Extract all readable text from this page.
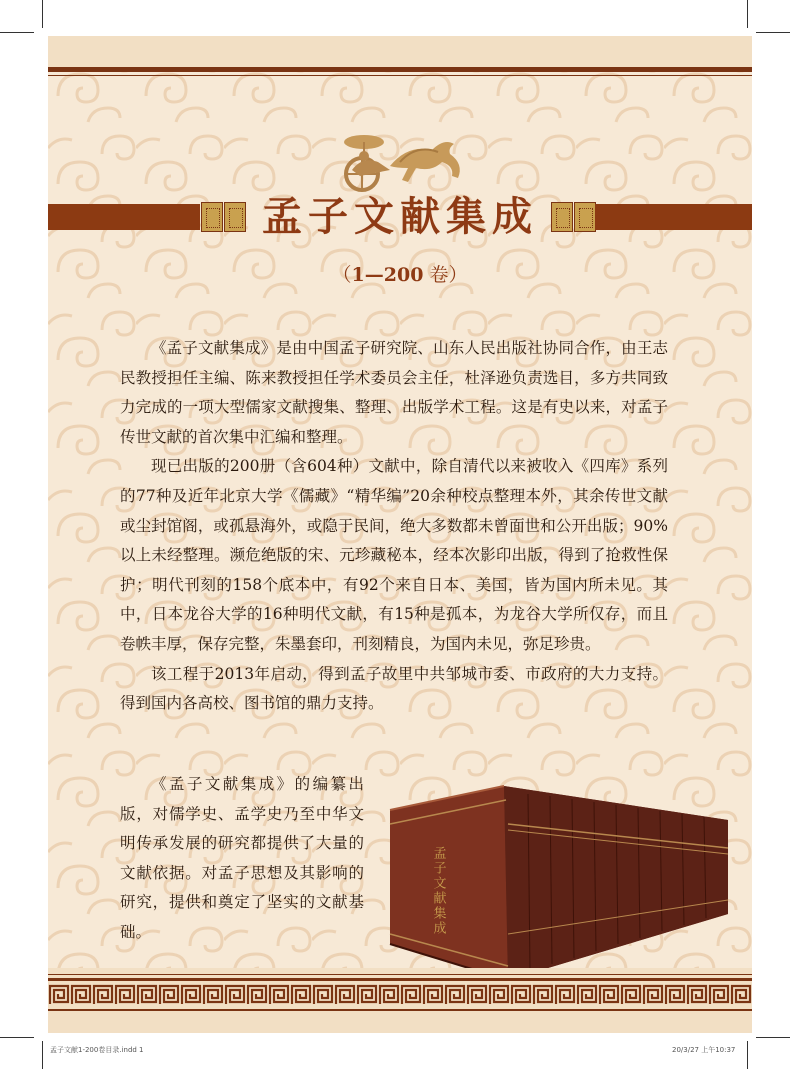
孟子文献集成
（1—200 卷）

《孟子文献集成》是由中国孟子研究院、山东人民出版社协同合作，由王志民教授担任主编、陈来教授担任学术委员会主任，杜泽逊负责选目，多方共同致力完成的一项大型儒家文献搜集、整理、出版学术工程。这是有史以来，对孟子传世文献的首次集中汇编和整理。

现已出版的200册（含604种）文献中，除自清代以来被收入《四库》系列的77种及近年北京大学《儒藏》“精华编”20余种校点整理本外，其余传世文献或尘封馆阁，或孤悬海外，或隐于民间，绝大多数都未曾面世和公开出版；90%以上未经整理。濒危绝版的宋、元珍藏秘本，经本次影印出版，得到了抢救性保护；明代刊刻的158个底本中，有92个来自日本、美国，皆为国内所未见。其中，日本龙谷大学的16种明代文献，有15种是孤本，为龙谷大学所仅存，而且卷帙丰厚，保存完整，朱墨套印，刊刻精良，为国内未见，弥足珍贵。

该工程于2013年启动，得到孟子故里中共邹城市委、市政府的大力支持。得到国内各高校、图书馆的鼎力支持。

《孟子文献集成》的编纂出版，对儒学史、孟学史乃至中华文明传承发展的研究都提供了大量的文献依据。对孟子思想及其影响的研究，提供和奠定了坚实的文献基础。	孟子文献集成
孟子文献1-200卷目录.indd 1	20/3/27 上午10:37
